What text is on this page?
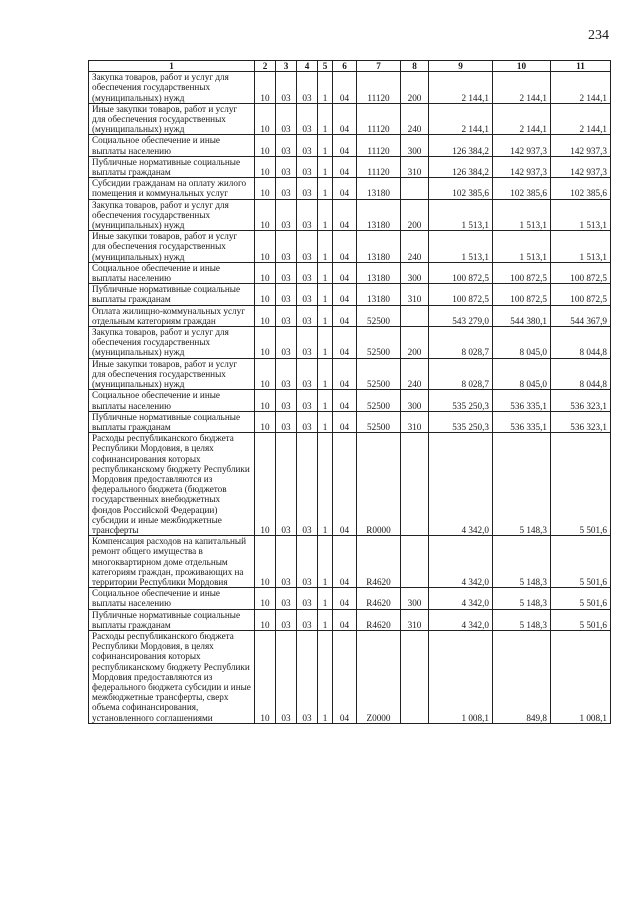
234
1	2	3	4	5	6	7	8	9	10	11
Закупка товаров, работ и услуг для обеспечения государственных (муниципальных) нужд	10	03	03	1	04	11120	200	2 144,1	2 144,1	2 144,1
Иные закупки товаров, работ и услуг для обеспечения государственных (муниципальных) нужд	10	03	03	1	04	11120	240	2 144,1	2 144,1	2 144,1
Социальное обеспечение и иные выплаты населению	10	03	03	1	04	11120	300	126 384,2	142 937,3	142 937,3
Публичные нормативные социальные выплаты гражданам	10	03	03	1	04	11120	310	126 384,2	142 937,3	142 937,3
Субсидии гражданам на оплату жилого помещения и коммунальных услуг	10	03	03	1	04	13180		102 385,6	102 385,6	102 385,6
Закупка товаров, работ и услуг для обеспечения государственных (муниципальных) нужд	10	03	03	1	04	13180	200	1 513,1	1 513,1	1 513,1
Иные закупки товаров, работ и услуг для обеспечения государственных (муниципальных) нужд	10	03	03	1	04	13180	240	1 513,1	1 513,1	1 513,1
Социальное обеспечение и иные выплаты населению	10	03	03	1	04	13180	300	100 872,5	100 872,5	100 872,5
Публичные нормативные социальные выплаты гражданам	10	03	03	1	04	13180	310	100 872,5	100 872,5	100 872,5
Оплата жилищно-коммунальных услуг отдельным категориям граждан	10	03	03	1	04	52500		543 279,0	544 380,1	544 367,9
Закупка товаров, работ и услуг для обеспечения государственных (муниципальных) нужд	10	03	03	1	04	52500	200	8 028,7	8 045,0	8 044,8
Иные закупки товаров, работ и услуг для обеспечения государственных (муниципальных) нужд	10	03	03	1	04	52500	240	8 028,7	8 045,0	8 044,8
Социальное обеспечение и иные выплаты населению	10	03	03	1	04	52500	300	535 250,3	536 335,1	536 323,1
Публичные нормативные социальные выплаты гражданам	10	03	03	1	04	52500	310	535 250,3	536 335,1	536 323,1
Расходы республиканского бюджета Республики Мордовия, в целях софинансирования которых республиканскому бюджету Республики Мордовия предоставляются из федерального бюджета (бюджетов государственных внебюджетных фондов Российской Федерации) субсидии и иные межбюджетные трансферты	10	03	03	1	04	R0000		4 342,0	5 148,3	5 501,6
Компенсация расходов на капитальный ремонт общего имущества в многоквартирном доме отдельным категориям граждан, проживающих на территории Республики Мордовия	10	03	03	1	04	R4620		4 342,0	5 148,3	5 501,6
Социальное обеспечение и иные выплаты населению	10	03	03	1	04	R4620	300	4 342,0	5 148,3	5 501,6
Публичные нормативные социальные выплаты гражданам	10	03	03	1	04	R4620	310	4 342,0	5 148,3	5 501,6
Расходы республиканского бюджета Республики Мордовия, в целях софинансирования которых республиканскому бюджету Республики Мордовия предоставляются из федерального бюджета субсидии и иные межбюджетные трансферты, сверх объема софинансирования, установленного соглашениями	10	03	03	1	04	Z0000		1 008,1	849,8	1 008,1
